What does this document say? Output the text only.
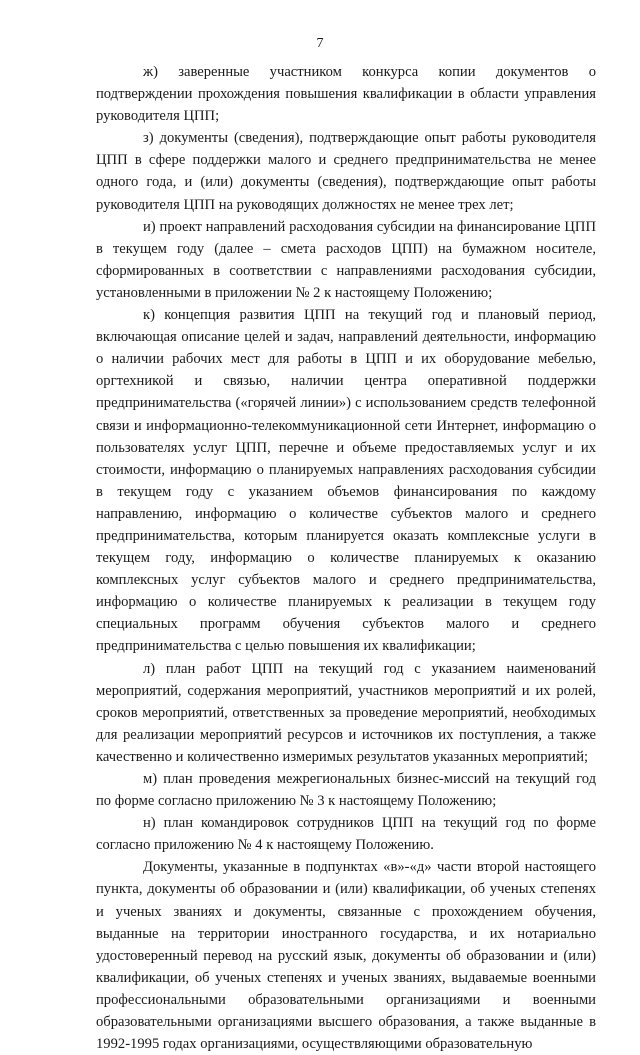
7

ж) заверенные участником конкурса копии документов о подтверждении прохождения повышения квалификации в области управления руководителя ЦПП;

з) документы (сведения), подтверждающие опыт работы руководителя ЦПП в сфере поддержки малого и среднего предпринимательства не менее одного года, и (или) документы (сведения), подтверждающие опыт работы руководителя ЦПП на руководящих должностях не менее трех лет;

и) проект направлений расходования субсидии на финансирование ЦПП в текущем году (далее – смета расходов ЦПП) на бумажном носителе, сформированных в соответствии с направлениями расходования субсидии, установленными в приложении № 2 к настоящему Положению;

к) концепция развития ЦПП на текущий год и плановый период, включающая описание целей и задач, направлений деятельности, информацию о наличии рабочих мест для работы в ЦПП и их оборудование мебелью, оргтехникой и связью, наличии центра оперативной поддержки предпринимательства («горячей линии») с использованием средств телефонной связи и информационно-телекоммуникационной сети Интернет, информацию о пользователях услуг ЦПП, перечне и объеме предоставляемых услуг и их стоимости, информацию о планируемых направлениях расходования субсидии в текущем году с указанием объемов финансирования по каждому направлению, информацию о количестве субъектов малого и среднего предпринимательства, которым планируется оказать комплексные услуги в текущем году, информацию о количестве планируемых к оказанию комплексных услуг субъектов малого и среднего предпринимательства, информацию о количестве планируемых к реализации в текущем году специальных программ обучения субъектов малого и среднего предпринимательства с целью повышения их квалификации;

л) план работ ЦПП на текущий год с указанием наименований мероприятий, содержания мероприятий, участников мероприятий и их ролей, сроков мероприятий, ответственных за проведение мероприятий, необходимых для реализации мероприятий ресурсов и источников их поступления, а также качественно и количественно измеримых результатов указанных мероприятий;

м) план проведения межрегиональных бизнес-миссий на текущий год по форме согласно приложению № 3 к настоящему Положению;

н) план командировок сотрудников ЦПП на текущий год по форме согласно приложению № 4 к настоящему Положению.

Документы, указанные в подпунктах «в»-«д» части второй настоящего пункта, документы об образовании и (или) квалификации, об ученых степенях и ученых званиях и документы, связанные с прохождением обучения, выданные на территории иностранного государства, и их нотариально удостоверенный перевод на русский язык, документы об образовании и (или) квалификации, об ученых степенях и ученых званиях, выдаваемые военными профессиональными образовательными организациями и военными образовательными организациями высшего образования, а также выданные в 1992-1995 годах организациями, осуществляющими образовательную
